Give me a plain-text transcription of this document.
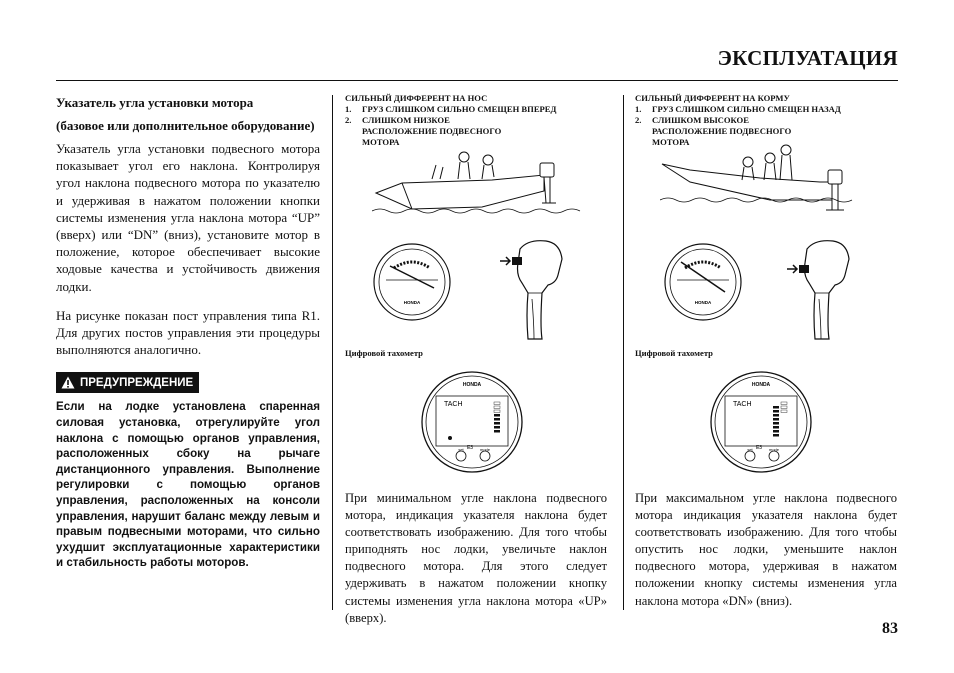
ЭКСПЛУАТАЦИЯ

Указатель угла установки мотора

(базовое или дополнительное оборудование)

Указатель угла установки подвесного мотора показывает угол его наклона. Контролируя угол наклона подвесного мотора по указателю и удерживая в нажатом положении кнопки системы изменения угла наклона мотора “UP” (вверх) или “DN” (вниз), установите мотор в положение, которое обеспечивает высокие ходовые качества и устойчивость движения лодки.

На рисунке показан пост управления типа R1. Для других постов управления эти процедуры выполняются аналогично.

ПРЕДУПРЕЖДЕНИЕ
Если на лодке установлена спаренная силовая установка, отрегулируйте угол наклона с помощью органов управления, расположенных сбоку на рычаге дистанционного управления. Выполнение регулировки с помощью органов управления, расположенных на консоли управления, нарушит баланс между левым и правым подвесными моторами, что сильно ухудшит эксплуатационные характеристики и стабильность работы моторов.
СИЛЬНЫЙ ДИФФЕРЕНТ НА НОС
1.	ГРУЗ СЛИШКОМ СИЛЬНО СМЕЩЕН ВПЕРЕД
2.	СЛИШКОМ НИЗКОЕ РАСПОЛОЖЕНИЕ ПОДВЕСНОГО МОТОРА
СИЛЬНЫЙ ДИФФЕРЕНТ НА КОРМУ
1.	ГРУЗ СЛИШКОМ СИЛЬНО СМЕЩЕН НАЗАД
2.	СЛИШКОМ ВЫСОКОЕ РАСПОЛОЖЕНИЕ ПОДВЕСНОГО МОТОРА
HONDA	HONDA
Цифровой тахометр	Цифровой тахометр
HONDA
TACH
E3
set	mode
HONDA
TACH
E3
set	mode
При минимальном угле наклона подвесного мотора, индикация указателя наклона будет соответствовать изображению. Для того чтобы приподнять нос лодки, увеличьте наклон подвесного мотора. Для этого следует удерживать в нажатом положении кнопку системы изменения угла наклона мотора «UP» (вверх).
При максимальном угле наклона подвесного мотора индикация указателя наклона будет соответствовать изображению. Для того чтобы опустить нос лодки, уменьшите наклон подвесного мотора, удерживая в нажатом положении кнопку системы изменения угла наклона мотора «DN» (вниз).
83
